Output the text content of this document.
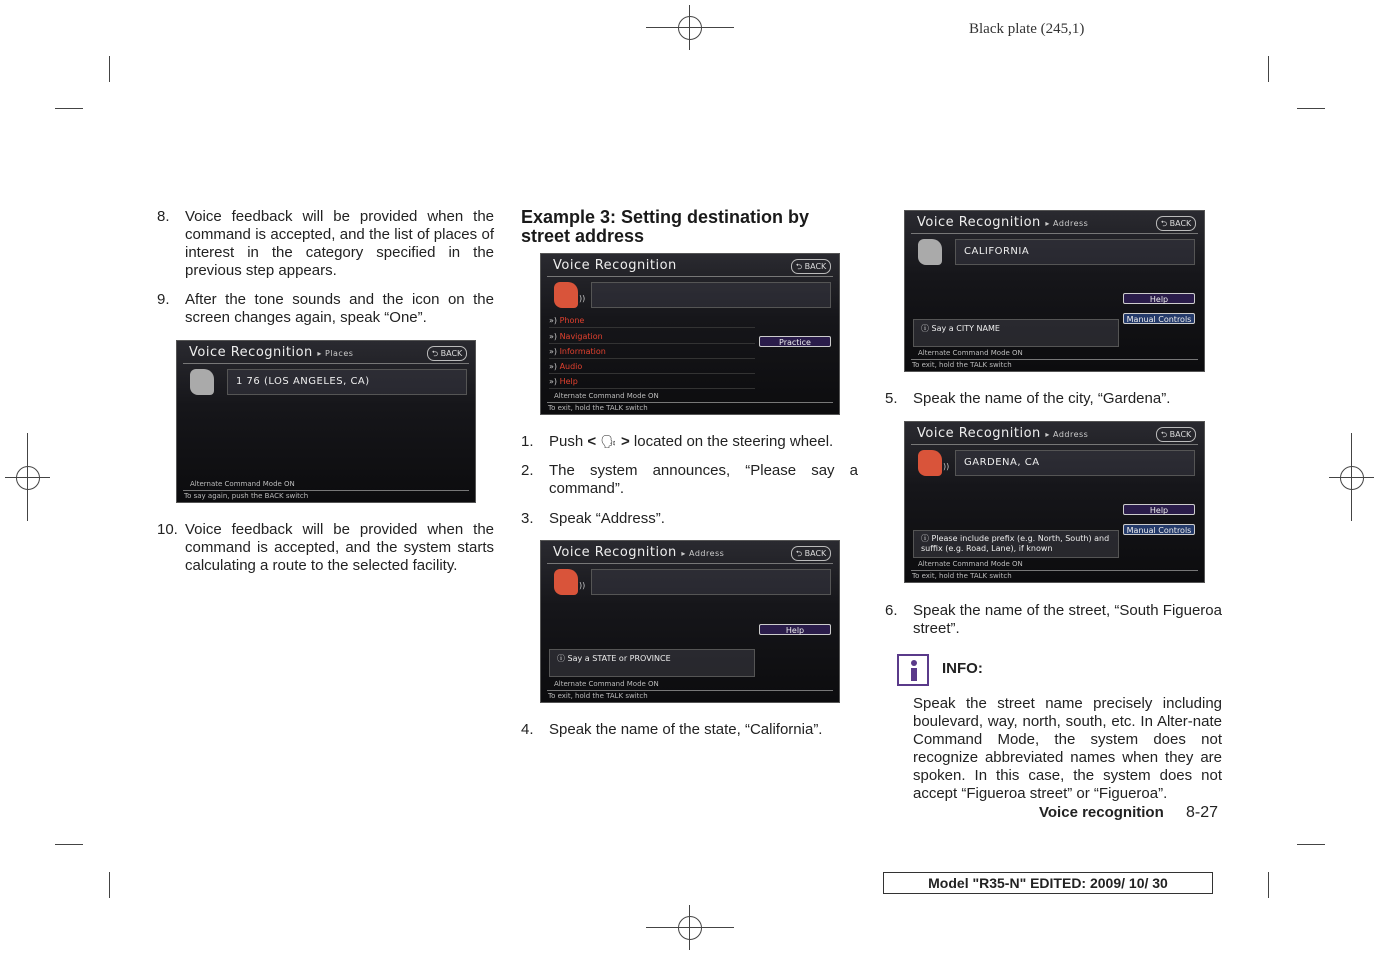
Black plate (245,1)
8. Voice feedback will be provided when the command is accepted, and the list of places of interest in the category specified in the previous step appears.
9. After the tone sounds and the icon on the screen changes again, speak “One”.
Voice Recognition ▸ Places	⮌ BACK
1 76 (LOS ANGELES, CA)
Alternate Command Mode ON
To say again, push the BACK switch
10. Voice feedback will be provided when the command is accepted, and the system starts calculating a route to the selected facility.
Example 3: Setting destination by street address
Voice Recognition	⮌ BACK
))
») Phone
») Navigation
») Information
») Audio
») Help
Practice
Alternate Command Mode ON
To exit, hold the TALK switch
1. Push < 🗣 > located on the steering wheel.
2. The system announces, “Please say a command”.
3. Speak “Address”.
Voice Recognition ▸ Address	⮌ BACK
))
Help
ⓘ Say a STATE or PROVINCE
Alternate Command Mode ON
To exit, hold the TALK switch
4. Speak the name of the state, “California”.
Voice Recognition ▸ Address	⮌ BACK
CALIFORNIA
Help
Manual Controls
ⓘ Say a CITY NAME
Alternate Command Mode ON
To exit, hold the TALK switch
5. Speak the name of the city, “Gardena”.
Voice Recognition ▸ Address	⮌ BACK
))	GARDENA, CA
Help
Manual Controls
ⓘ Please include prefix (e.g. North, South) and suffix (e.g. Road, Lane), if known
Alternate Command Mode ON
To exit, hold the TALK switch
6. Speak the name of the street, “South Figueroa street”.
INFO:
Speak the street name precisely including boulevard, way, north, south, etc. In Alter-nate Command Mode, the system does not recognize abbreviated names when they are spoken. In this case, the system does not accept “Figueroa street” or “Figueroa”.
Voice recognition 8-27
Model "R35-N" EDITED: 2009/ 10/ 30
